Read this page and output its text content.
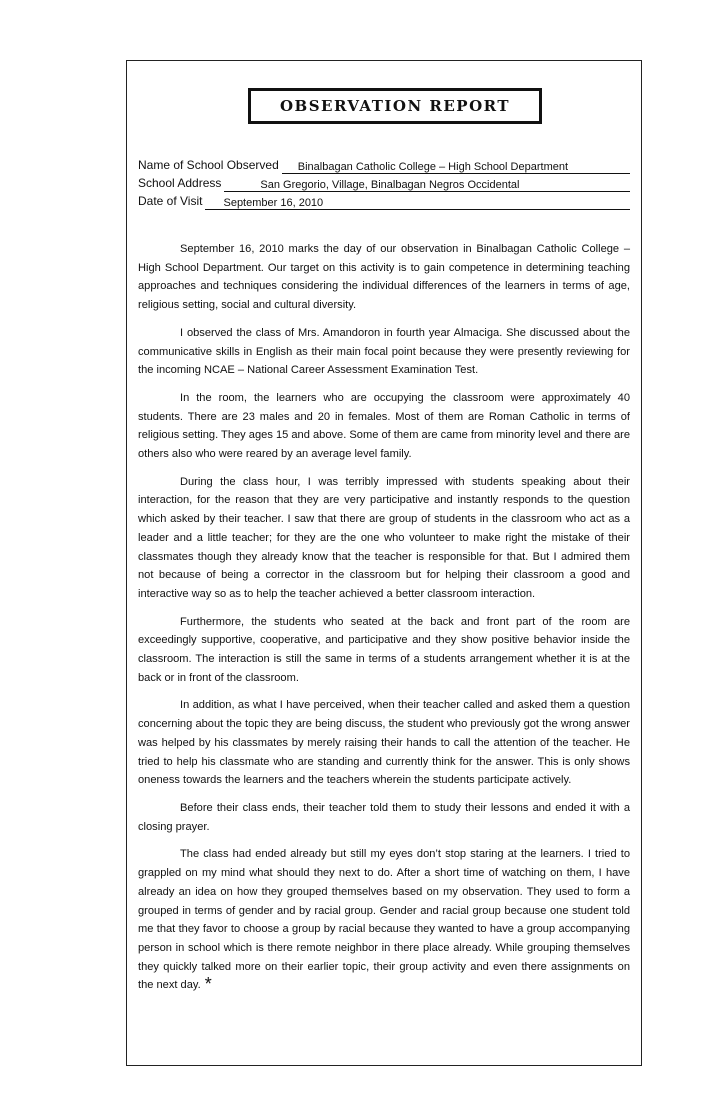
OBSERVATION REPORT
Name of School Observed	Binalbagan Catholic College – High School Department
School Address	San Gregorio, Village, Binalbagan Negros Occidental
Date of Visit	September 16, 2010

September 16, 2010 marks the day of our observation in Binalbagan Catholic College – High School Department. Our target on this activity is to gain competence in determining teaching approaches and techniques considering the individual differences of the learners in terms of age, religious setting, social and cultural diversity.

I observed the class of Mrs. Amandoron in fourth year Almaciga. She discussed about the communicative skills in English as their main focal point because they were presently reviewing for the incoming NCAE – National Career Assessment Examination Test.

In the room, the learners who are occupying the classroom were approximately 40 students. There are 23 males and 20 in females. Most of them are Roman Catholic in terms of religious setting. They ages 15 and above. Some of them are came from minority level and there are others also who were reared by an average level family.

During the class hour, I was terribly impressed with students speaking about their interaction, for the reason that they are very participative and instantly responds to the question which asked by their teacher. I saw that there are group of students in the classroom who act as a leader and a little teacher; for they are the one who volunteer to make right the mistake of their classmates though they already know that the teacher is responsible for that. But I admired them not because of being a corrector in the classroom but for helping their classroom a good and interactive way so as to help the teacher achieved a better classroom interaction.

Furthermore, the students who seated at the back and front part of the room are exceedingly supportive, cooperative, and participative and they show positive behavior inside the classroom. The interaction is still the same in terms of a students arrangement whether it is at the back or in front of the classroom.

In addition, as what I have perceived, when their teacher called and asked them a question concerning about the topic they are being discuss, the student who previously got the wrong answer was helped by his classmates by merely raising their hands to call the attention of the teacher. He tried to help his classmate who are standing and currently think for the answer. This is only shows oneness towards the learners and the teachers wherein the students participate actively.

Before their class ends, their teacher told them to study their lessons and ended it with a closing prayer.

The class had ended already but still my eyes don’t stop staring at the learners. I tried to grappled on my mind what should they next to do. After a short time of watching on them, I have already an idea on how they grouped themselves based on my observation. They used to form a grouped in terms of gender and by racial group. Gender and racial group because one student told me that they favor to choose a group by racial because they wanted to have a group accompanying person in school which is there remote neighbor in there place already. While grouping themselves they quickly talked more on their earlier topic, their group activity and even there assignments on the next day. *
